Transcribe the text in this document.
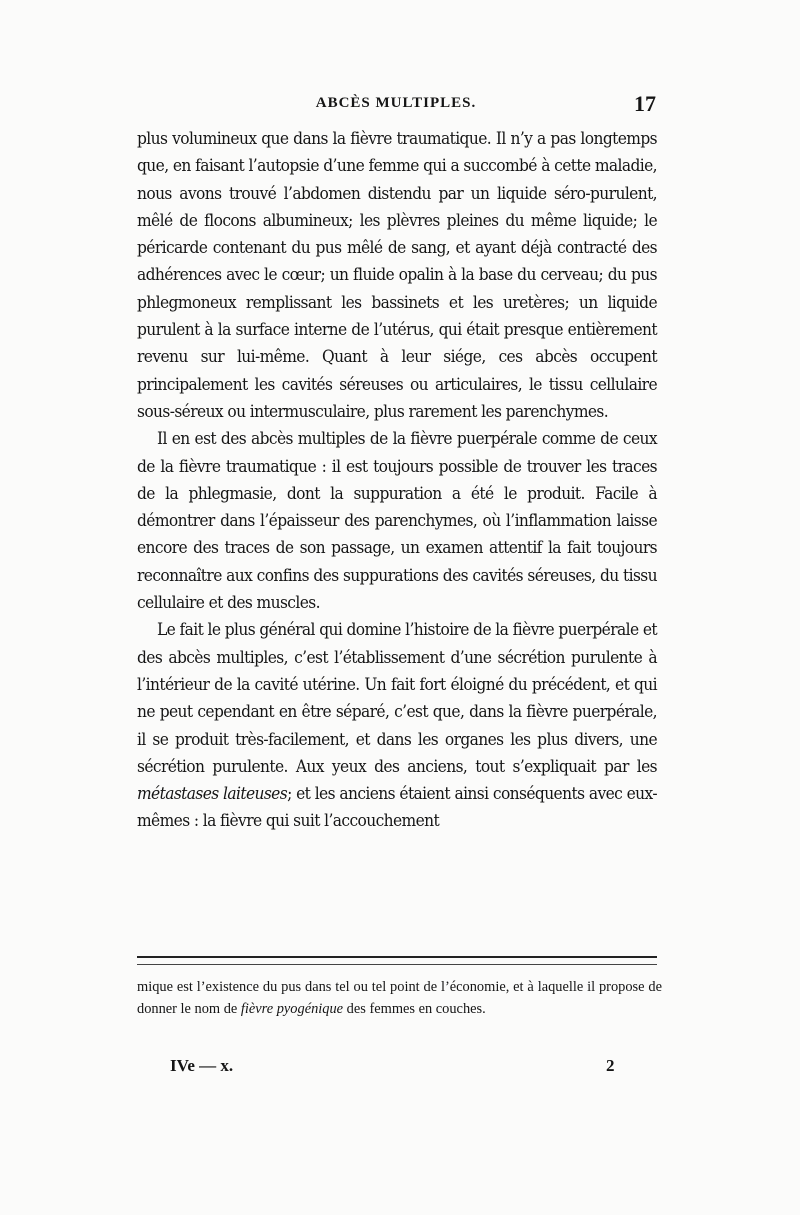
ABCÈS MULTIPLES.	17

plus volumineux que dans la fièvre traumatique. Il n’y a pas longtemps que, en faisant l’autopsie d’une femme qui a succombé à cette maladie, nous avons trouvé l’abdomen distendu par un liquide séro-purulent, mêlé de flocons albumineux; les plèvres pleines du même liquide; le péricarde contenant du pus mêlé de sang, et ayant déjà contracté des adhérences avec le cœur; un fluide opalin à la base du cerveau; du pus phlegmoneux remplissant les bassinets et les uretères; un liquide purulent à la surface interne de l’utérus, qui était presque entièrement revenu sur lui-même. Quant à leur siége, ces abcès occupent principalement les cavités séreuses ou articulaires, le tissu cellulaire sous-séreux ou intermusculaire, plus rarement les parenchymes.

Il en est des abcès multiples de la fièvre puerpérale comme de ceux de la fièvre traumatique : il est toujours possible de trouver les traces de la phlegmasie, dont la suppuration a été le produit. Facile à démontrer dans l’épaisseur des parenchymes, où l’inflammation laisse encore des traces de son passage, un examen attentif la fait toujours reconnaître aux confins des suppurations des cavités séreuses, du tissu cellulaire et des muscles.

Le fait le plus général qui domine l’histoire de la fièvre puerpérale et des abcès multiples, c’est l’établissement d’une sécrétion purulente à l’intérieur de la cavité utérine. Un fait fort éloigné du précédent, et qui ne peut cependant en être séparé, c’est que, dans la fièvre puerpérale, il se produit très-facilement, et dans les organes les plus divers, une sécrétion purulente. Aux yeux des anciens, tout s’expliquait par les métastases laiteuses; et les anciens étaient ainsi conséquents avec eux-mêmes : la fièvre qui suit l’accouchement

mique est l’existence du pus dans tel ou tel point de l’économie, et à laquelle il propose de donner le nom de fièvre pyogénique des femmes en couches.

IVe — x.	2
